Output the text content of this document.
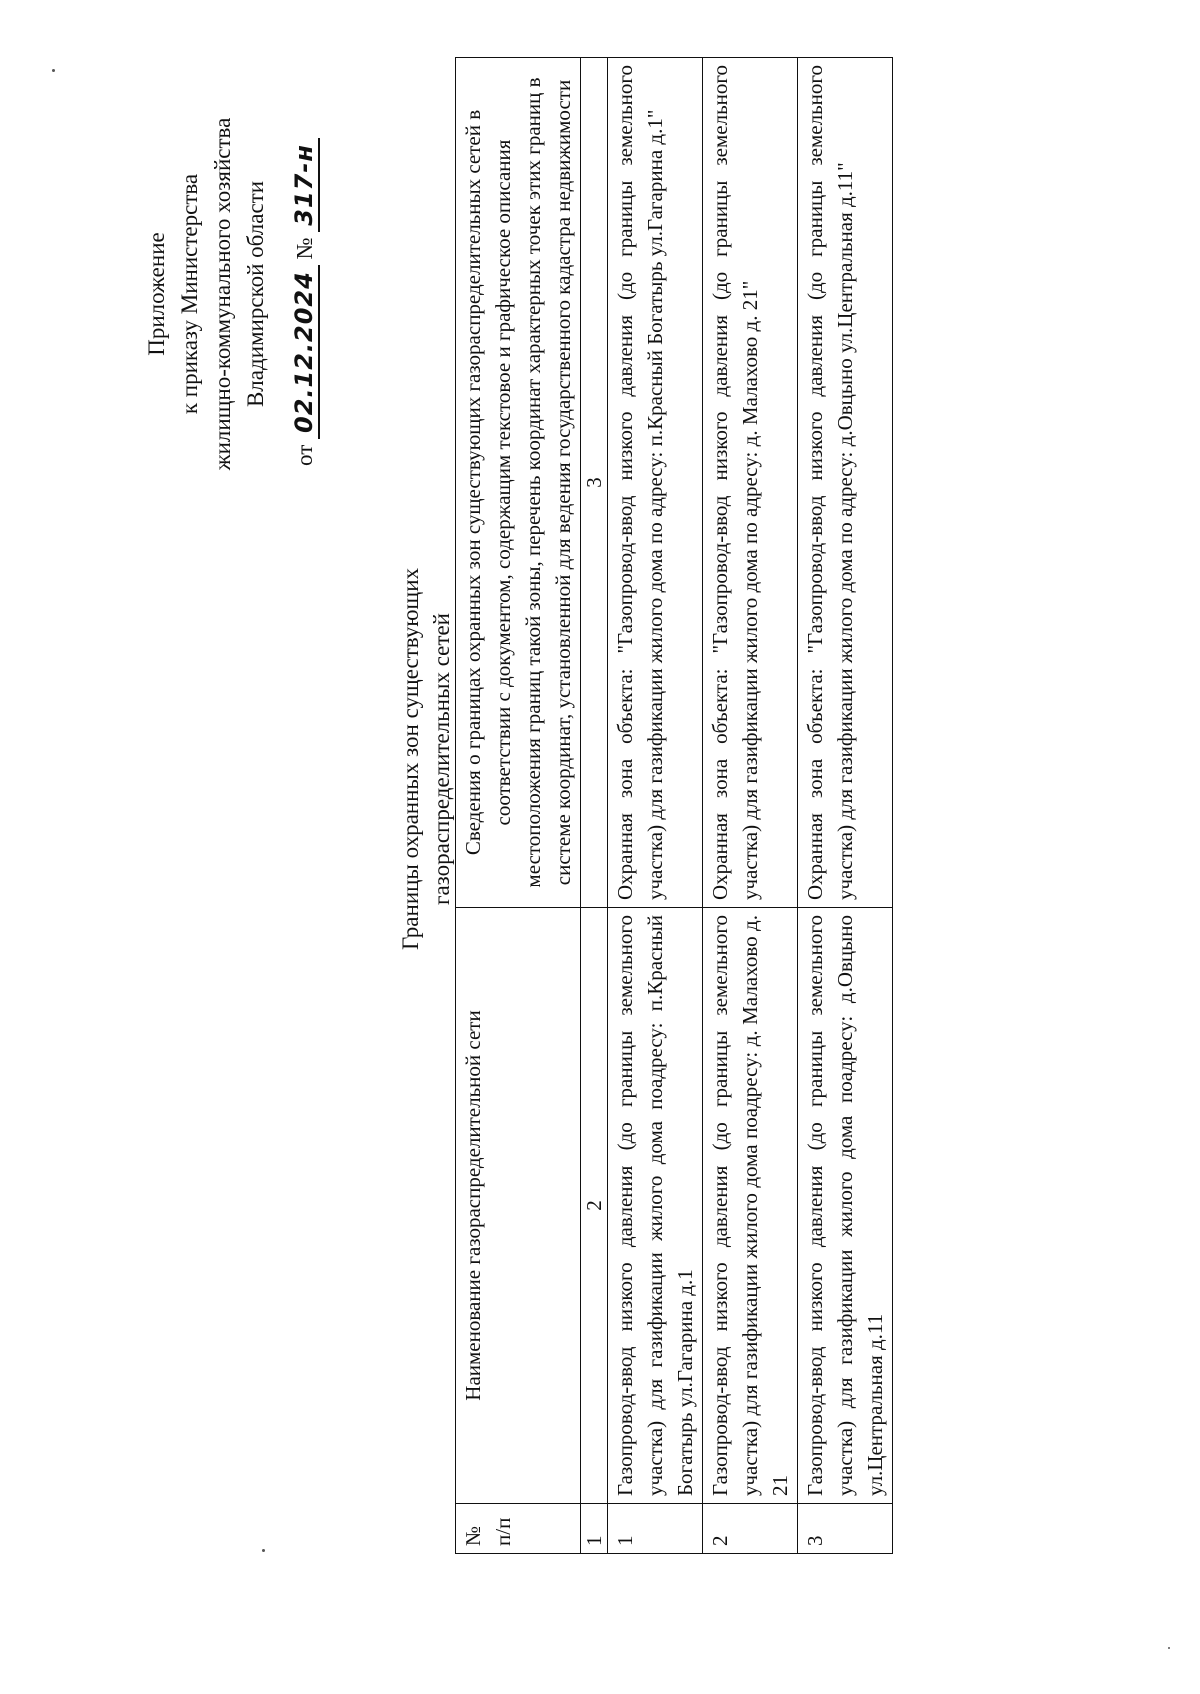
Приложение к приказу Министерства жилищно-коммунального хозяйства Владимирской области
от 02.12.2024 № 317-н
Границы охранных зон существующих газораспределительных сетей
№ п/п	Наименование газораспределительной сети	Сведения о границах охранных зон существующих газораспределительных сетей в соответствии с документом, содержащим текстовое и графическое описания местоположения границ такой зоны, перечень координат характерных точек этих границ в системе координат, установленной для ведения государственного кадастра недвижимости
1	2	3
1	Газопровод-ввод низкого давления (до границы земельного участка) для газификации жилого дома поадресу: п.Красный Богатырь ул.Гагарина д.1	Охранная зона объекта: "Газопровод-ввод низкого давления (до границы земельного участка) для газификации жилого дома по адресу: п.Красный Богатырь ул.Гагарина д.1"
2	Газопровод-ввод низкого давления (до границы земельного участка) для газификации жилого дома поадресу: д. Малахово д. 21	Охранная зона объекта: "Газопровод-ввод низкого давления (до границы земельного участка) для газификации жилого дома по адресу: д. Малахово д. 21"
3	Газопровод-ввод низкого давления (до границы земельного участка) для газификации жилого дома поадресу: д.Овцыно ул.Центральная д.11	Охранная зона объекта: "Газопровод-ввод низкого давления (до границы земельного участка) для газификации жилого дома по адресу: д.Овцыно ул.Центральная д.11"
